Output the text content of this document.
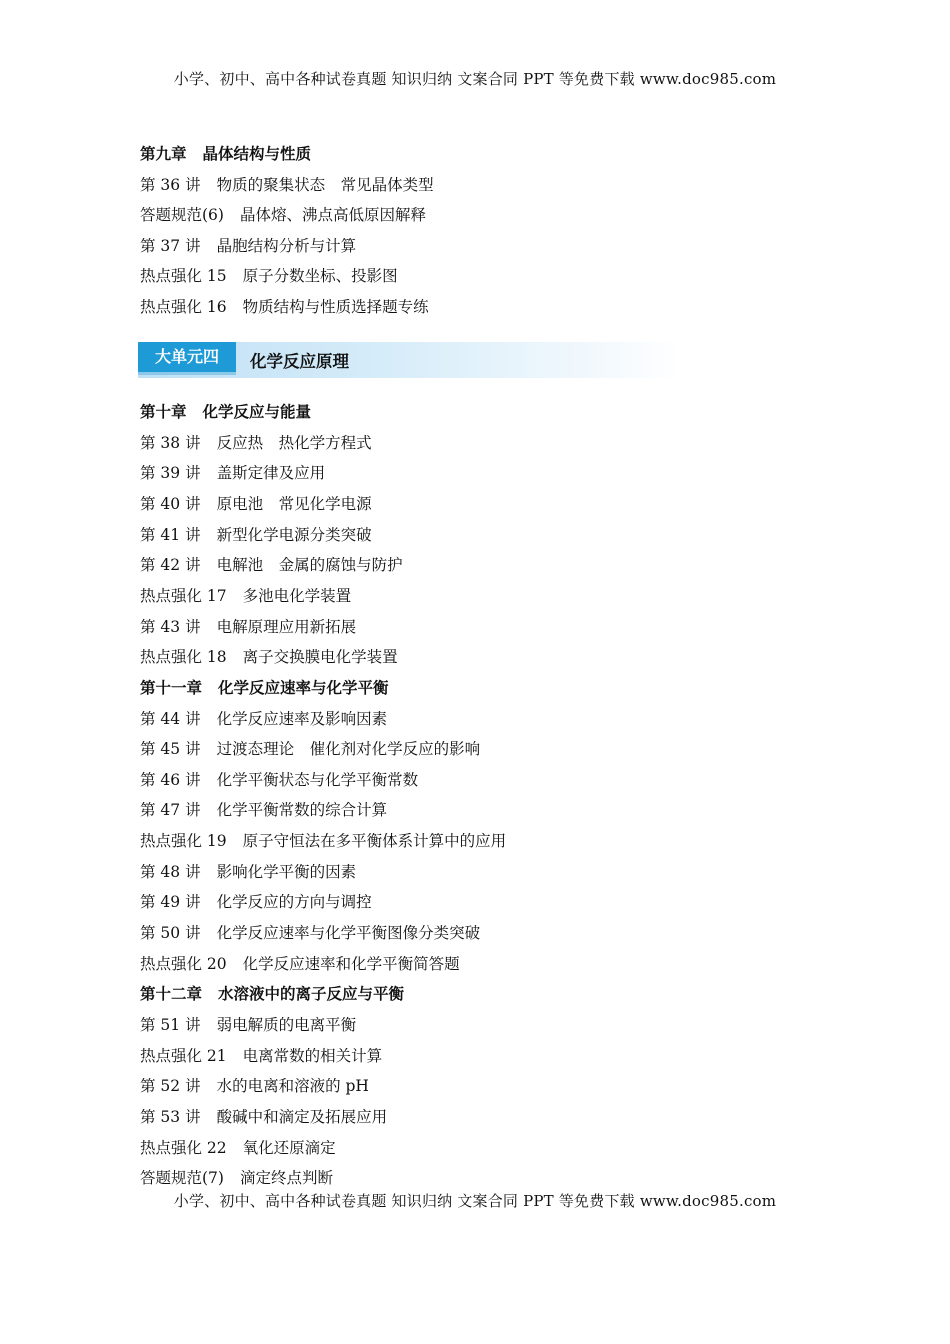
小学、初中、高中各种试卷真题 知识归纳 文案合同 PPT 等免费下载 www.doc985.com
第九章 晶体结构与性质
第 36 讲 物质的聚集状态　常见晶体类型
答题规范(6) 晶体熔、沸点高低原因解释
第 37 讲 晶胞结构分析与计算
热点强化 15 原子分数坐标、投影图
热点强化 16 物质结构与性质选择题专练
第十章 化学反应与能量
第 38 讲 反应热　热化学方程式
第 39 讲 盖斯定律及应用
第 40 讲 原电池　常见化学电源
第 41 讲 新型化学电源分类突破
第 42 讲 电解池　金属的腐蚀与防护
热点强化 17 多池电化学装置
第 43 讲 电解原理应用新拓展
热点强化 18 离子交换膜电化学装置
第十一章 化学反应速率与化学平衡
第 44 讲 化学反应速率及影响因素
第 45 讲 过渡态理论　催化剂对化学反应的影响
第 46 讲 化学平衡状态与化学平衡常数
第 47 讲 化学平衡常数的综合计算
热点强化 19 原子守恒法在多平衡体系计算中的应用
第 48 讲 影响化学平衡的因素
第 49 讲 化学反应的方向与调控
第 50 讲 化学反应速率与化学平衡图像分类突破
热点强化 20 化学反应速率和化学平衡简答题
第十二章 水溶液中的离子反应与平衡
第 51 讲 弱电解质的电离平衡
热点强化 21 电离常数的相关计算
第 52 讲 水的电离和溶液的 pH
第 53 讲 酸碱中和滴定及拓展应用
热点强化 22 氧化还原滴定
答题规范(7) 滴定终点判断
大单元四	化学反应原理
小学、初中、高中各种试卷真题 知识归纳 文案合同 PPT 等免费下载 www.doc985.com
